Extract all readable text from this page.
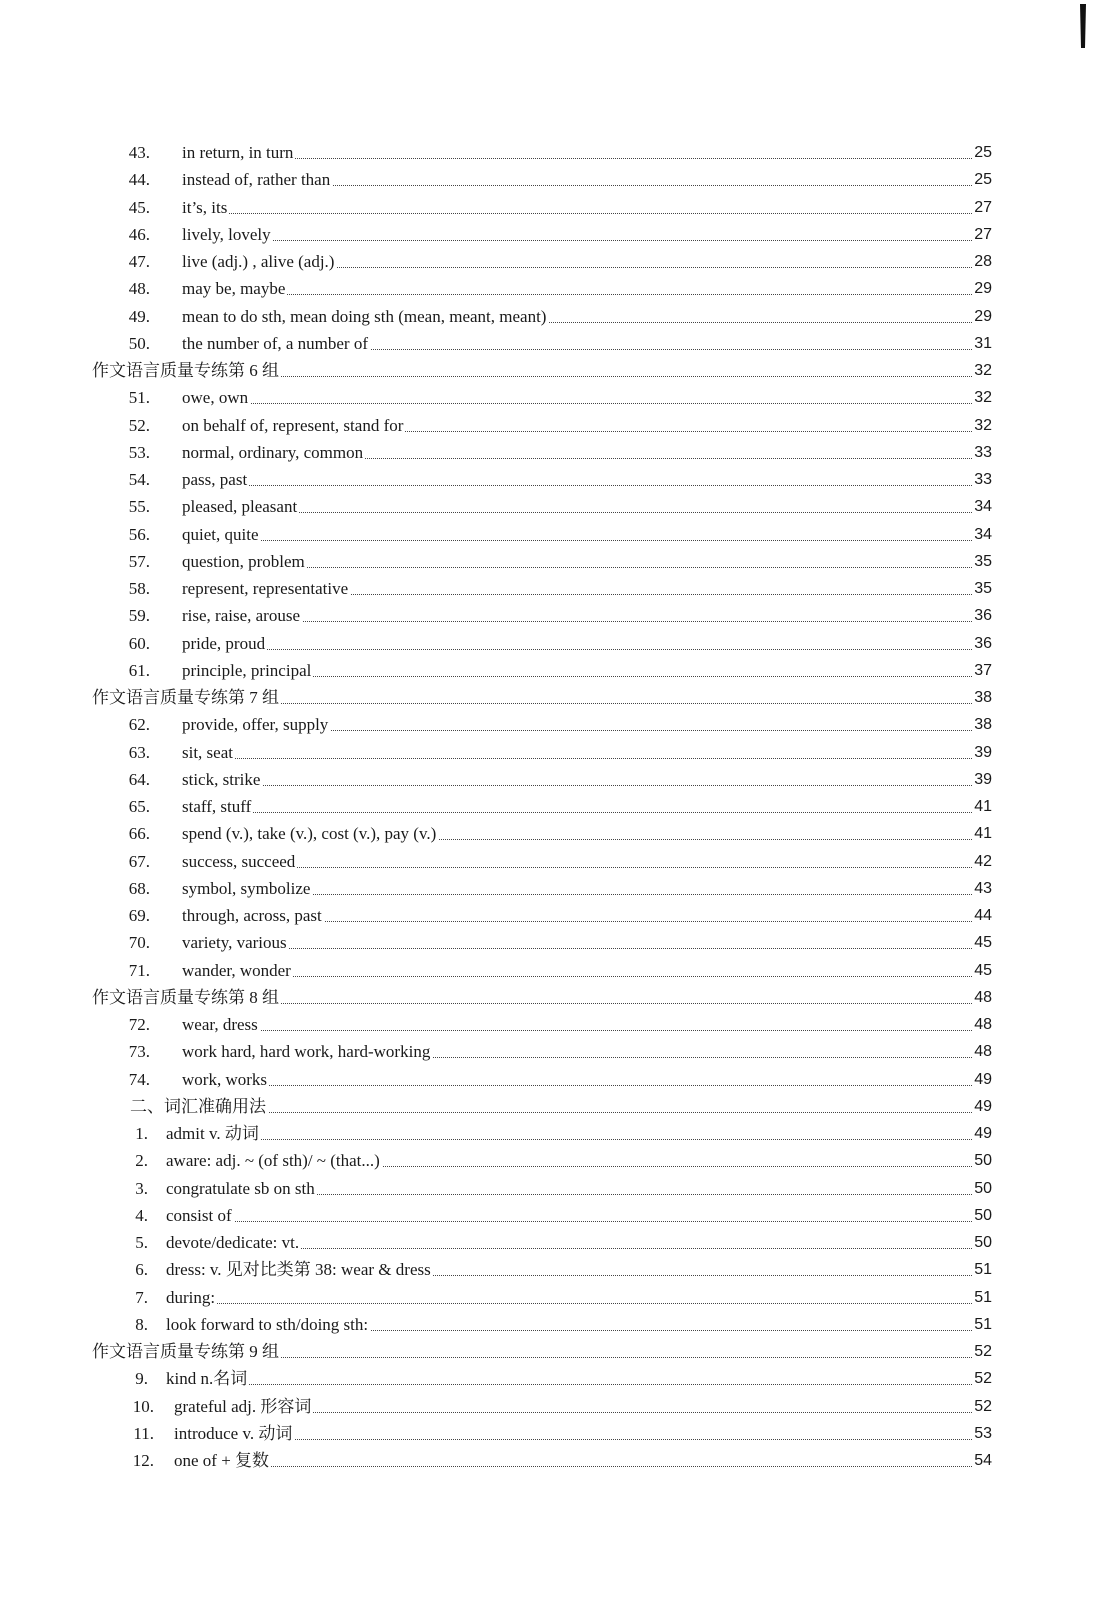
43. in return, in turn	25
44. instead of, rather than	25
45. it’s, its	27
46. lively, lovely	27
47. live (adj.) , alive (adj.)	28
48. may be, maybe	29
49. mean to do sth, mean doing sth (mean, meant, meant)	29
50. the number of, a number of	31
作文语言质量专练第 6 组	32
51. owe, own	32
52. on behalf of, represent, stand for	32
53. normal, ordinary, common	33
54. pass, past	33
55. pleased, pleasant	34
56. quiet, quite	34
57. question, problem	35
58. represent, representative	35
59. rise, raise, arouse	36
60. pride, proud	36
61. principle, principal	37
作文语言质量专练第 7 组	38
62. provide, offer, supply	38
63. sit, seat	39
64. stick, strike	39
65. staff, stuff	41
66. spend (v.), take (v.), cost (v.), pay (v.)	41
67. success, succeed	42
68. symbol, symbolize	43
69. through, across, past	44
70. variety, various	45
71. wander, wonder	45
作文语言质量专练第 8 组	48
72. wear, dress	48
73. work hard, hard work, hard-working	48
74. work, works	49
二、词汇准确用法	49
1. admit v. 动词	49
2. aware: adj. ~ (of sth)/ ~ (that...)	50
3. congratulate sb on sth	50
4. consist of	50
5. devote/dedicate: vt.	50
6. dress: v. 见对比类第 38: wear & dress	51
7. during:	51
8. look forward to sth/doing sth:	51
作文语言质量专练第 9 组	52
9. kind n.名词	52
10. grateful adj. 形容词	52
11. introduce v. 动词	53
12. one of + 复数	54
